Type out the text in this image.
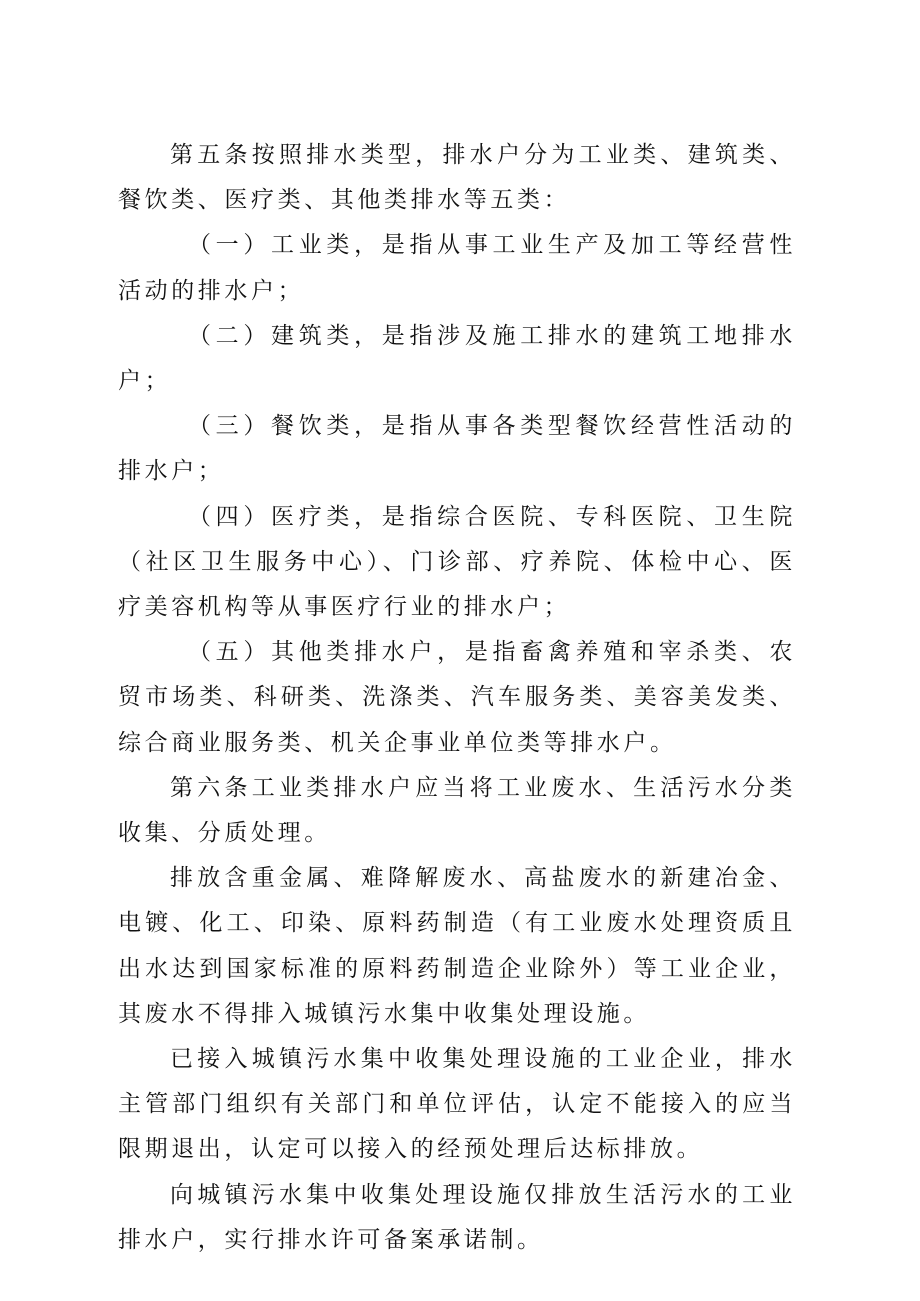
第五条按照排水类型，排水户分为工业类、建筑类、餐饮类、医疗类、其他类排水等五类：

（一）工业类，是指从事工业生产及加工等经营性活动的排水户；

（二）建筑类，是指涉及施工排水的建筑工地排水户；

（三）餐饮类，是指从事各类型餐饮经营性活动的排水户；

（四）医疗类，是指综合医院、专科医院、卫生院（社区卫生服务中心）、门诊部、疗养院、体检中心、医疗美容机构等从事医疗行业的排水户；

（五）其他类排水户，是指畜禽养殖和宰杀类、农贸市场类、科研类、洗涤类、汽车服务类、美容美发类、综合商业服务类、机关企事业单位类等排水户。

第六条工业类排水户应当将工业废水、生活污水分类收集、分质处理。

排放含重金属、难降解废水、高盐废水的新建冶金、电镀、化工、印染、原料药制造（有工业废水处理资质且出水达到国家标准的原料药制造企业除外）等工业企业，其废水不得排入城镇污水集中收集处理设施。

已接入城镇污水集中收集处理设施的工业企业，排水主管部门组织有关部门和单位评估，认定不能接入的应当限期退出，认定可以接入的经预处理后达标排放。

向城镇污水集中收集处理设施仅排放生活污水的工业排水户，实行排水许可备案承诺制。
